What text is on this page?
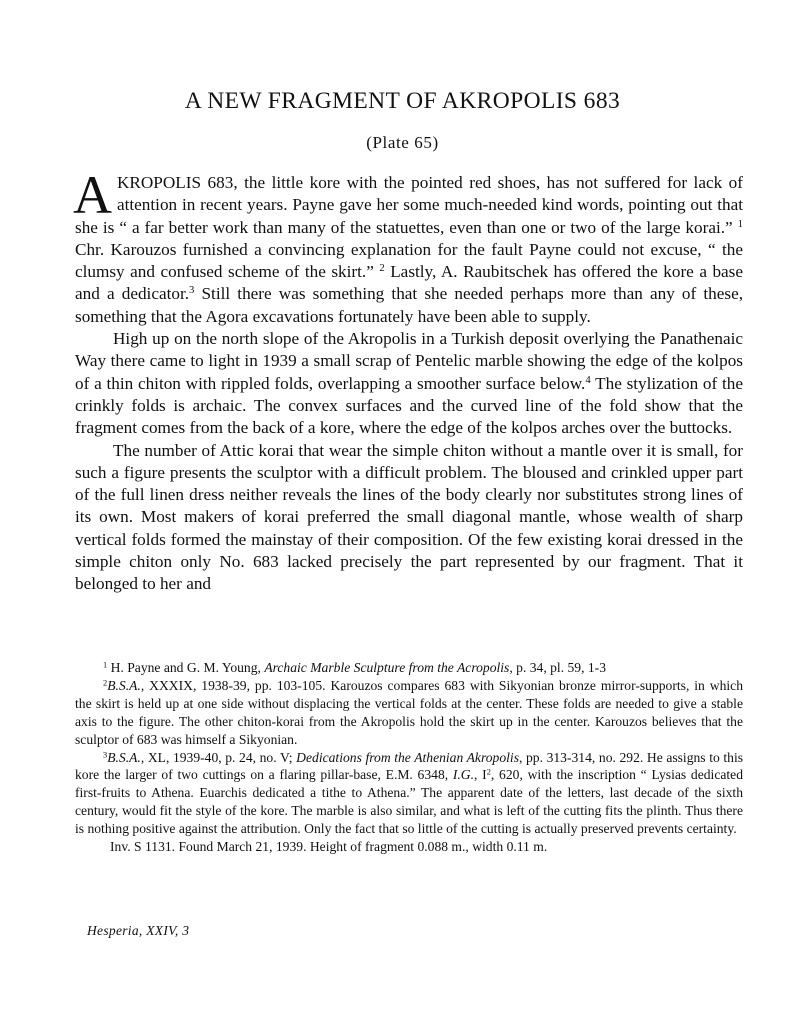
A NEW FRAGMENT OF AKROPOLIS 683
(Plate 65)

AKROPOLIS 683, the little kore with the pointed red shoes, has not suffered for lack of attention in recent years. Payne gave her some much-needed kind words, pointing out that she is “ a far better work than many of the statuettes, even than one or two of the large korai.” $^1$ Chr. Karouzos furnished a convincing explanation for the fault Payne could not excuse, “ the clumsy and confused scheme of the skirt.” $^2$ Lastly, A. Raubitschek has offered the kore a base and a dedicator.$^3$ Still there was something that she needed perhaps more than any of these, something that the Agora excavations fortunately have been able to supply.

High up on the north slope of the Akropolis in a Turkish deposit overlying the Panathenaic Way there came to light in 1939 a small scrap of Pentelic marble showing the edge of the kolpos of a thin chiton with rippled folds, overlapping a smoother surface below.$^4$ The stylization of the crinkly folds is archaic. The convex surfaces and the curved line of the fold show that the fragment comes from the back of a kore, where the edge of the kolpos arches over the buttocks.

The number of Attic korai that wear the simple chiton without a mantle over it is small, for such a figure presents the sculptor with a difficult problem. The bloused and crinkled upper part of the full linen dress neither reveals the lines of the body clearly nor substitutes strong lines of its own. Most makers of korai preferred the small diagonal mantle, whose wealth of sharp vertical folds formed the mainstay of their composition. Of the few existing korai dressed in the simple chiton only No. 683 lacked precisely the part represented by our fragment. That it belonged to her and

$^1$ H. Payne and G. M. Young, Archaic Marble Sculpture from the Acropolis, p. 34, pl. 59, 1-3

$^2$B.S.A., XXXIX, 1938-39, pp. 103-105. Karouzos compares 683 with Sikyonian bronze mirror-supports, in which the skirt is held up at one side without displacing the vertical folds at the center. These folds are needed to give a stable axis to the figure. The other chiton-korai from the Akropolis hold the skirt up in the center. Karouzos believes that the sculptor of 683 was himself a Sikyonian.

$^3$B.S.A., XL, 1939-40, p. 24, no. V; Dedications from the Athenian Akropolis, pp. 313-314, no. 292. He assigns to this kore the larger of two cuttings on a flaring pillar-base, E.M. 6348, I.G., $I^2$, 620, with the inscription “ Lysias dedicated first-fruits to Athena. Euarchis dedicated a tithe to Athena.” The apparent date of the letters, last decade of the sixth century, would fit the style of the kore. The marble is also similar, and what is left of the cutting fits the plinth. Thus there is nothing positive against the attribution. Only the fact that so little of the cutting is actually preserved prevents certainty.

Inv. S 1131. Found March 21, 1939. Height of fragment 0.088 m., width 0.11 m.

Hesperia, XXIV, 3
